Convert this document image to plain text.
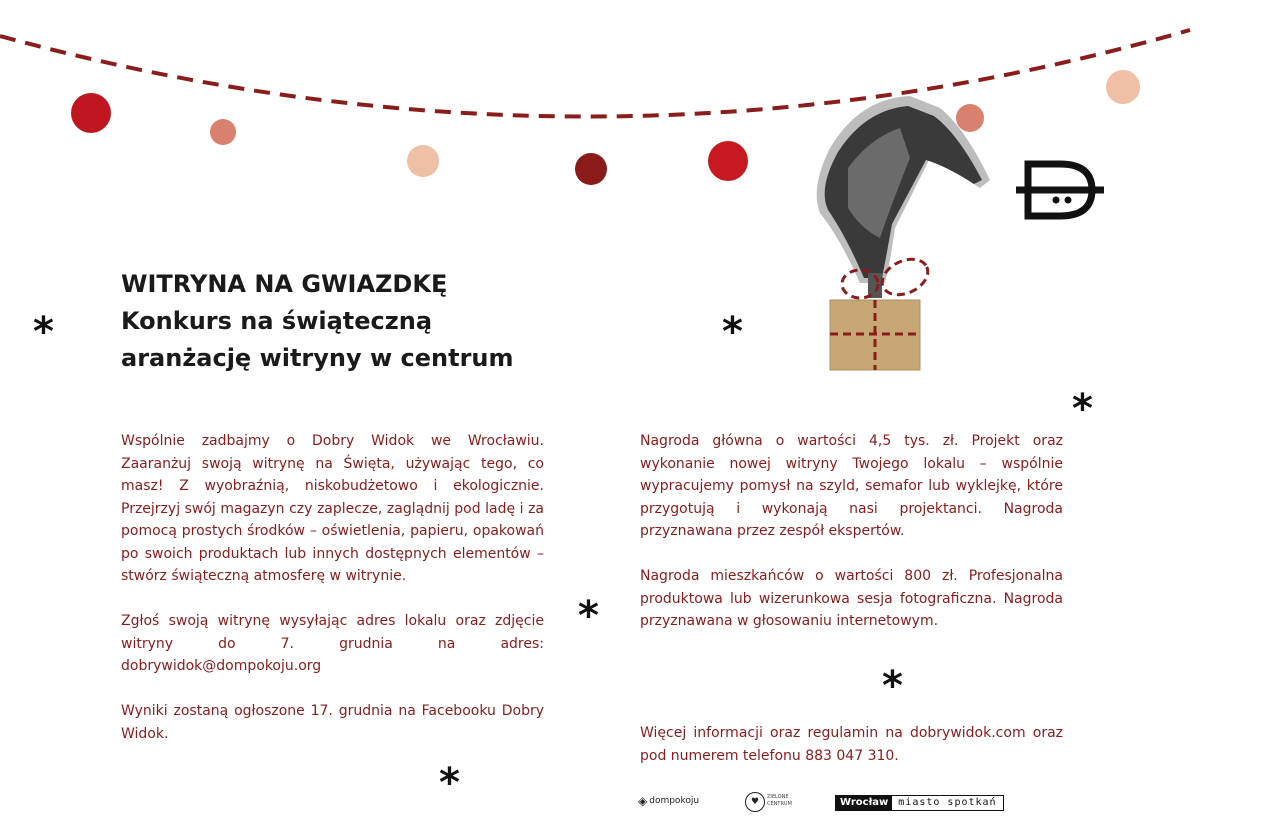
WITRYNA NA GWIAZDKĘ
Konkurs na świąteczną
aranżację witryny w centrum
*	*
*
*
*
*

Wspólnie zadbajmy o Dobry Widok we Wrocławiu. Zaaranżuj swoją witrynę na Święta, używając tego, co masz! Z wyobraźnią, niskobudżetowo i ekologicznie. Przejrzyj swój magazyn czy zaplecze, zaglądnij pod ladę i za pomocą prostych środków – oświetlenia, papieru, opakowań po swoich produktach lub innych dostępnych elementów – stwórz świąteczną atmosferę w witrynie.

Zgłoś swoją witrynę wysyłając adres lokalu oraz zdjęcie witryny do 7. grudnia na adres: dobrywidok@dompokoju.org

Wyniki zostaną ogłoszone 17. grudnia na Facebooku Dobry Widok.

Nagroda główna o wartości 4,5 tys. zł. Projekt oraz wykonanie nowej witryny Twojego lokalu – wspólnie wypracujemy pomysł na szyld, semafor lub wyklejkę, które przygotują i wykonają nasi projektanci. Nagroda przyznawana przez zespół ekspertów.

Nagroda mieszkańców o wartości 800 zł. Profesjonalna produktowa lub wizerunkowa sesja fotograficzna. Nagroda przyznawana w głosowaniu internetowym.

Więcej informacji oraz regulamin na dobrywidok.com oraz pod numerem telefonu 883 047 310.

◈ dompokoju	♥	ZIELONE CENTRUM	Wrocław	miasto spotkań
